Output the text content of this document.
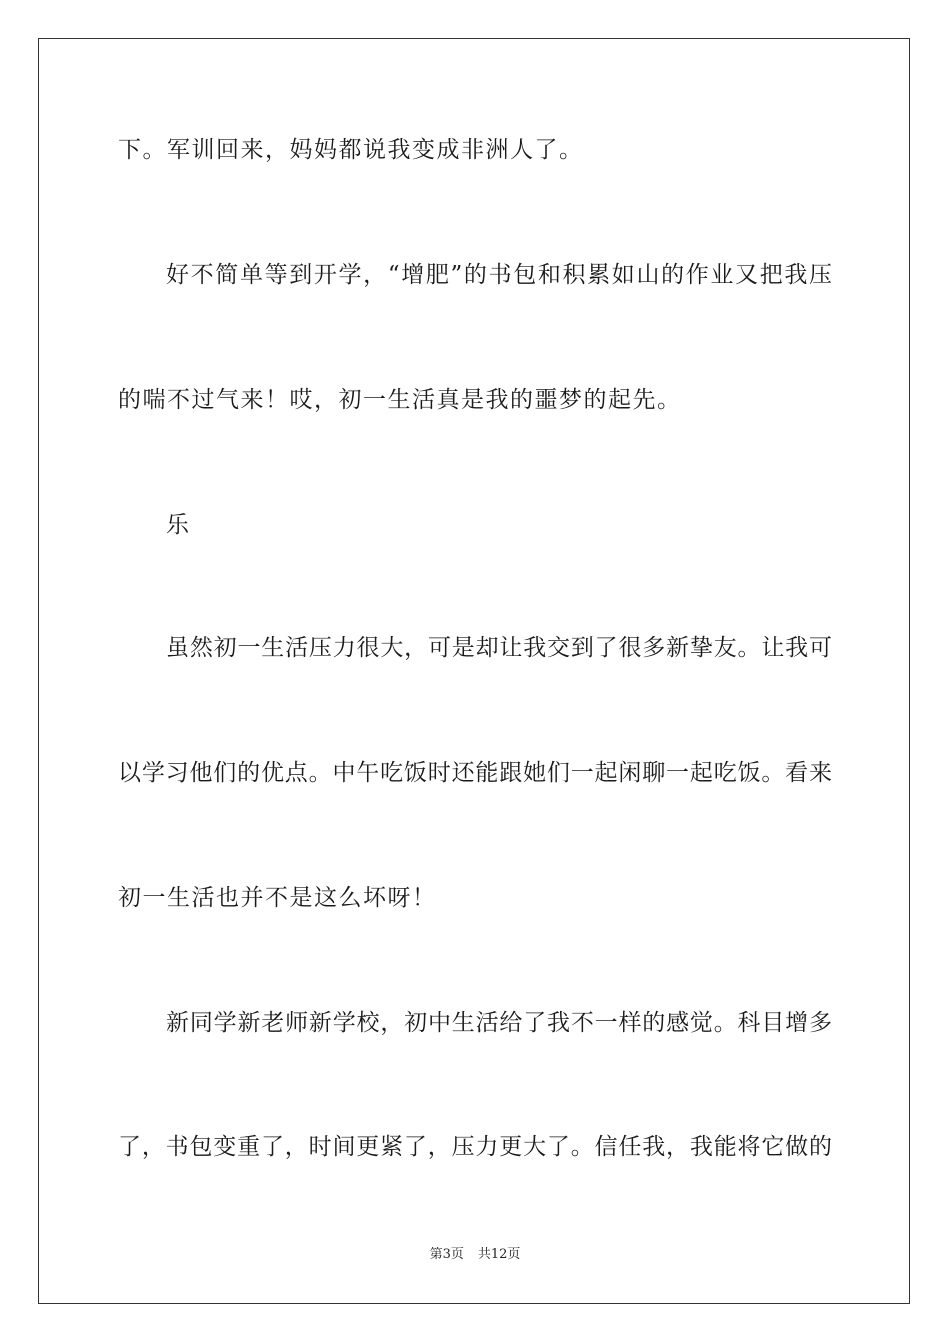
下。军训回来，妈妈都说我变成非洲人了。
好不简单等到开学，“增肥”的书包和积累如山的作业又把我压
的喘不过气来！哎，初一生活真是我的噩梦的起先。
乐
虽然初一生活压力很大，可是却让我交到了很多新挚友。让我可
以学习他们的优点。中午吃饭时还能跟她们一起闲聊一起吃饭。看来
初一生活也并不是这么坏呀！
新同学新老师新学校，初中生活给了我不一样的感觉。科目增多
了，书包变重了，时间更紧了，压力更大了。信任我，我能将它做的
第3页 共12页
